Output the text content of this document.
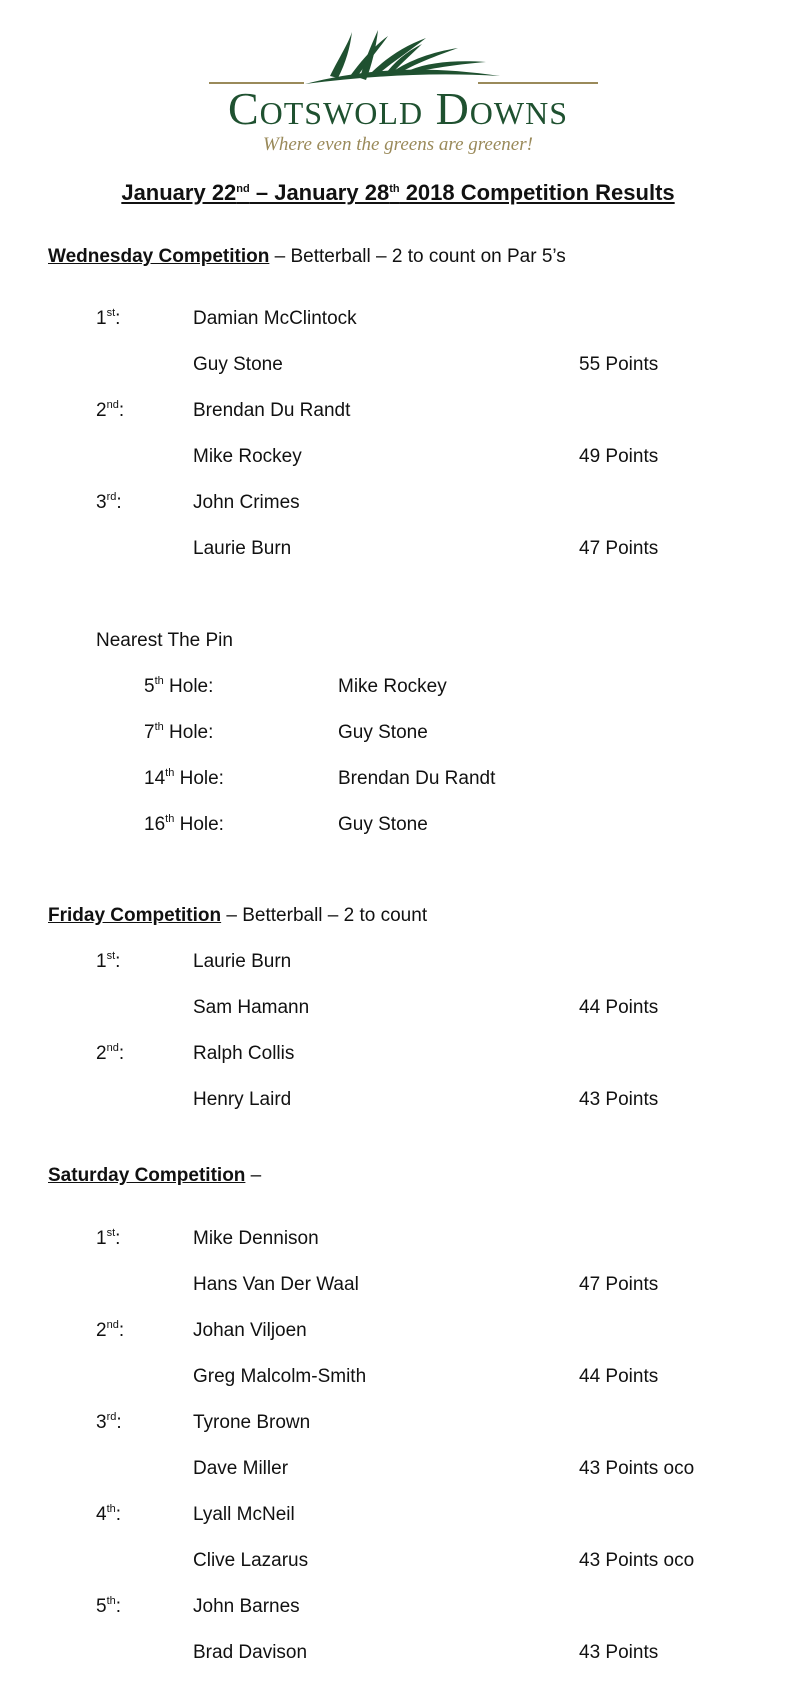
Cotswold Downs
Where even the greens are greener!
January 22nd – January 28th 2018 Competition Results
Wednesday Competition – Betterball – 2 to count on Par 5’s
1st:	Damian McClintock
Guy Stone	55 Points
2nd:	Brendan Du Randt
Mike Rockey	49 Points
3rd:	John Crimes
Laurie Burn	47 Points
Nearest The Pin
5th Hole:	Mike Rockey
7th Hole:	Guy Stone
14th Hole:	Brendan Du Randt
16th Hole:	Guy Stone
Friday Competition – Betterball – 2 to count
1st:	Laurie Burn
Sam Hamann	44 Points
2nd:	Ralph Collis
Henry Laird	43 Points
Saturday Competition –
1st:	Mike Dennison
Hans Van Der Waal	47 Points
2nd:	Johan Viljoen
Greg Malcolm-Smith	44 Points
3rd:	Tyrone Brown
Dave Miller	43 Points oco
4th:	Lyall McNeil
Clive Lazarus	43 Points oco
5th:	John Barnes
Brad Davison	43 Points
